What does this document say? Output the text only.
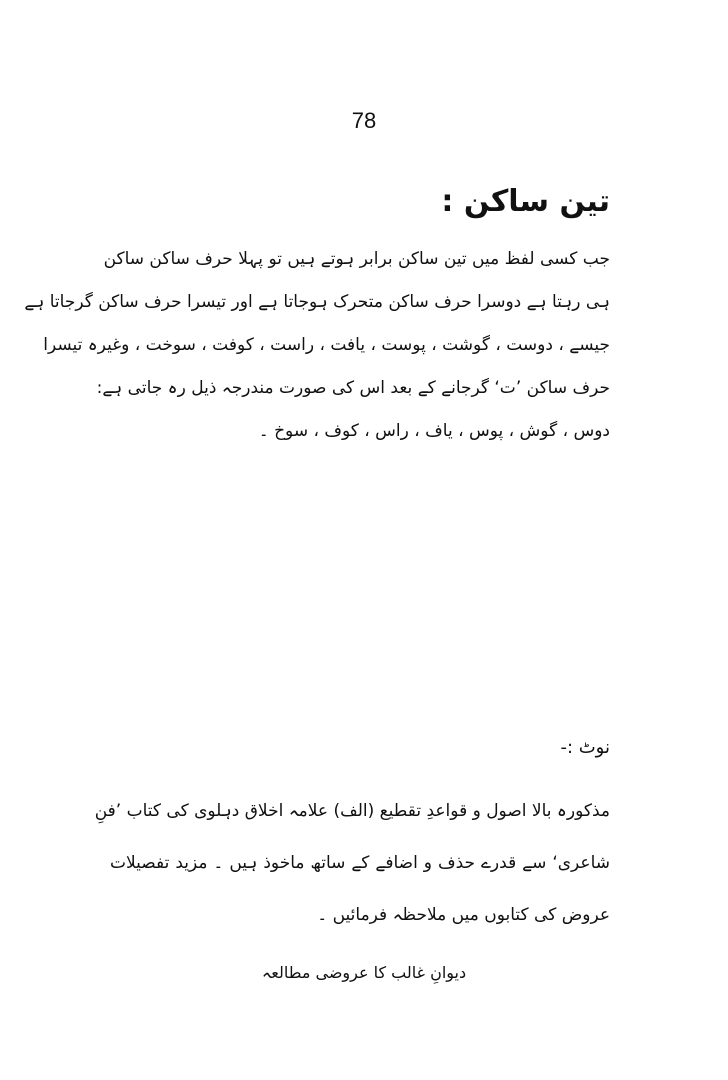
78
تین ساکن :
جب کسی لفظ میں تین ساکن برابر ہوتے ہیں تو پہلا حرف ساکن ساکن
ہی رہتا ہے دوسرا حرف ساکن متحرک ہوجاتا ہے اور تیسرا حرف ساکن گرجاتا ہے
جیسے ، دوست ، گوشت ، پوست ، یافت ، راست ، کوفت ، سوخت ، وغیرہ تیسرا
حرف ساکن ’ت‘ گرجانے کے بعد اس کی صورت مندرجہ ذیل رہ جاتی ہے:
دوس ، گوش ، پوس ، یاف ، راس ، کوف ، سوخ ۔
نوٹ :-
مذکورہ بالا اصول و قواعدِ تقطیع (الف) علامہ اخلاق دہلوی کی کتاب ’فنِ
شاعری‘ سے قدرے حذف و اضافے کے ساتھ ماخوذ ہیں ۔ مزید تفصیلات
عروض کی کتابوں میں ملاحظہ فرمائیں ۔
دیوانِ غالب کا عروضی مطالعہ
